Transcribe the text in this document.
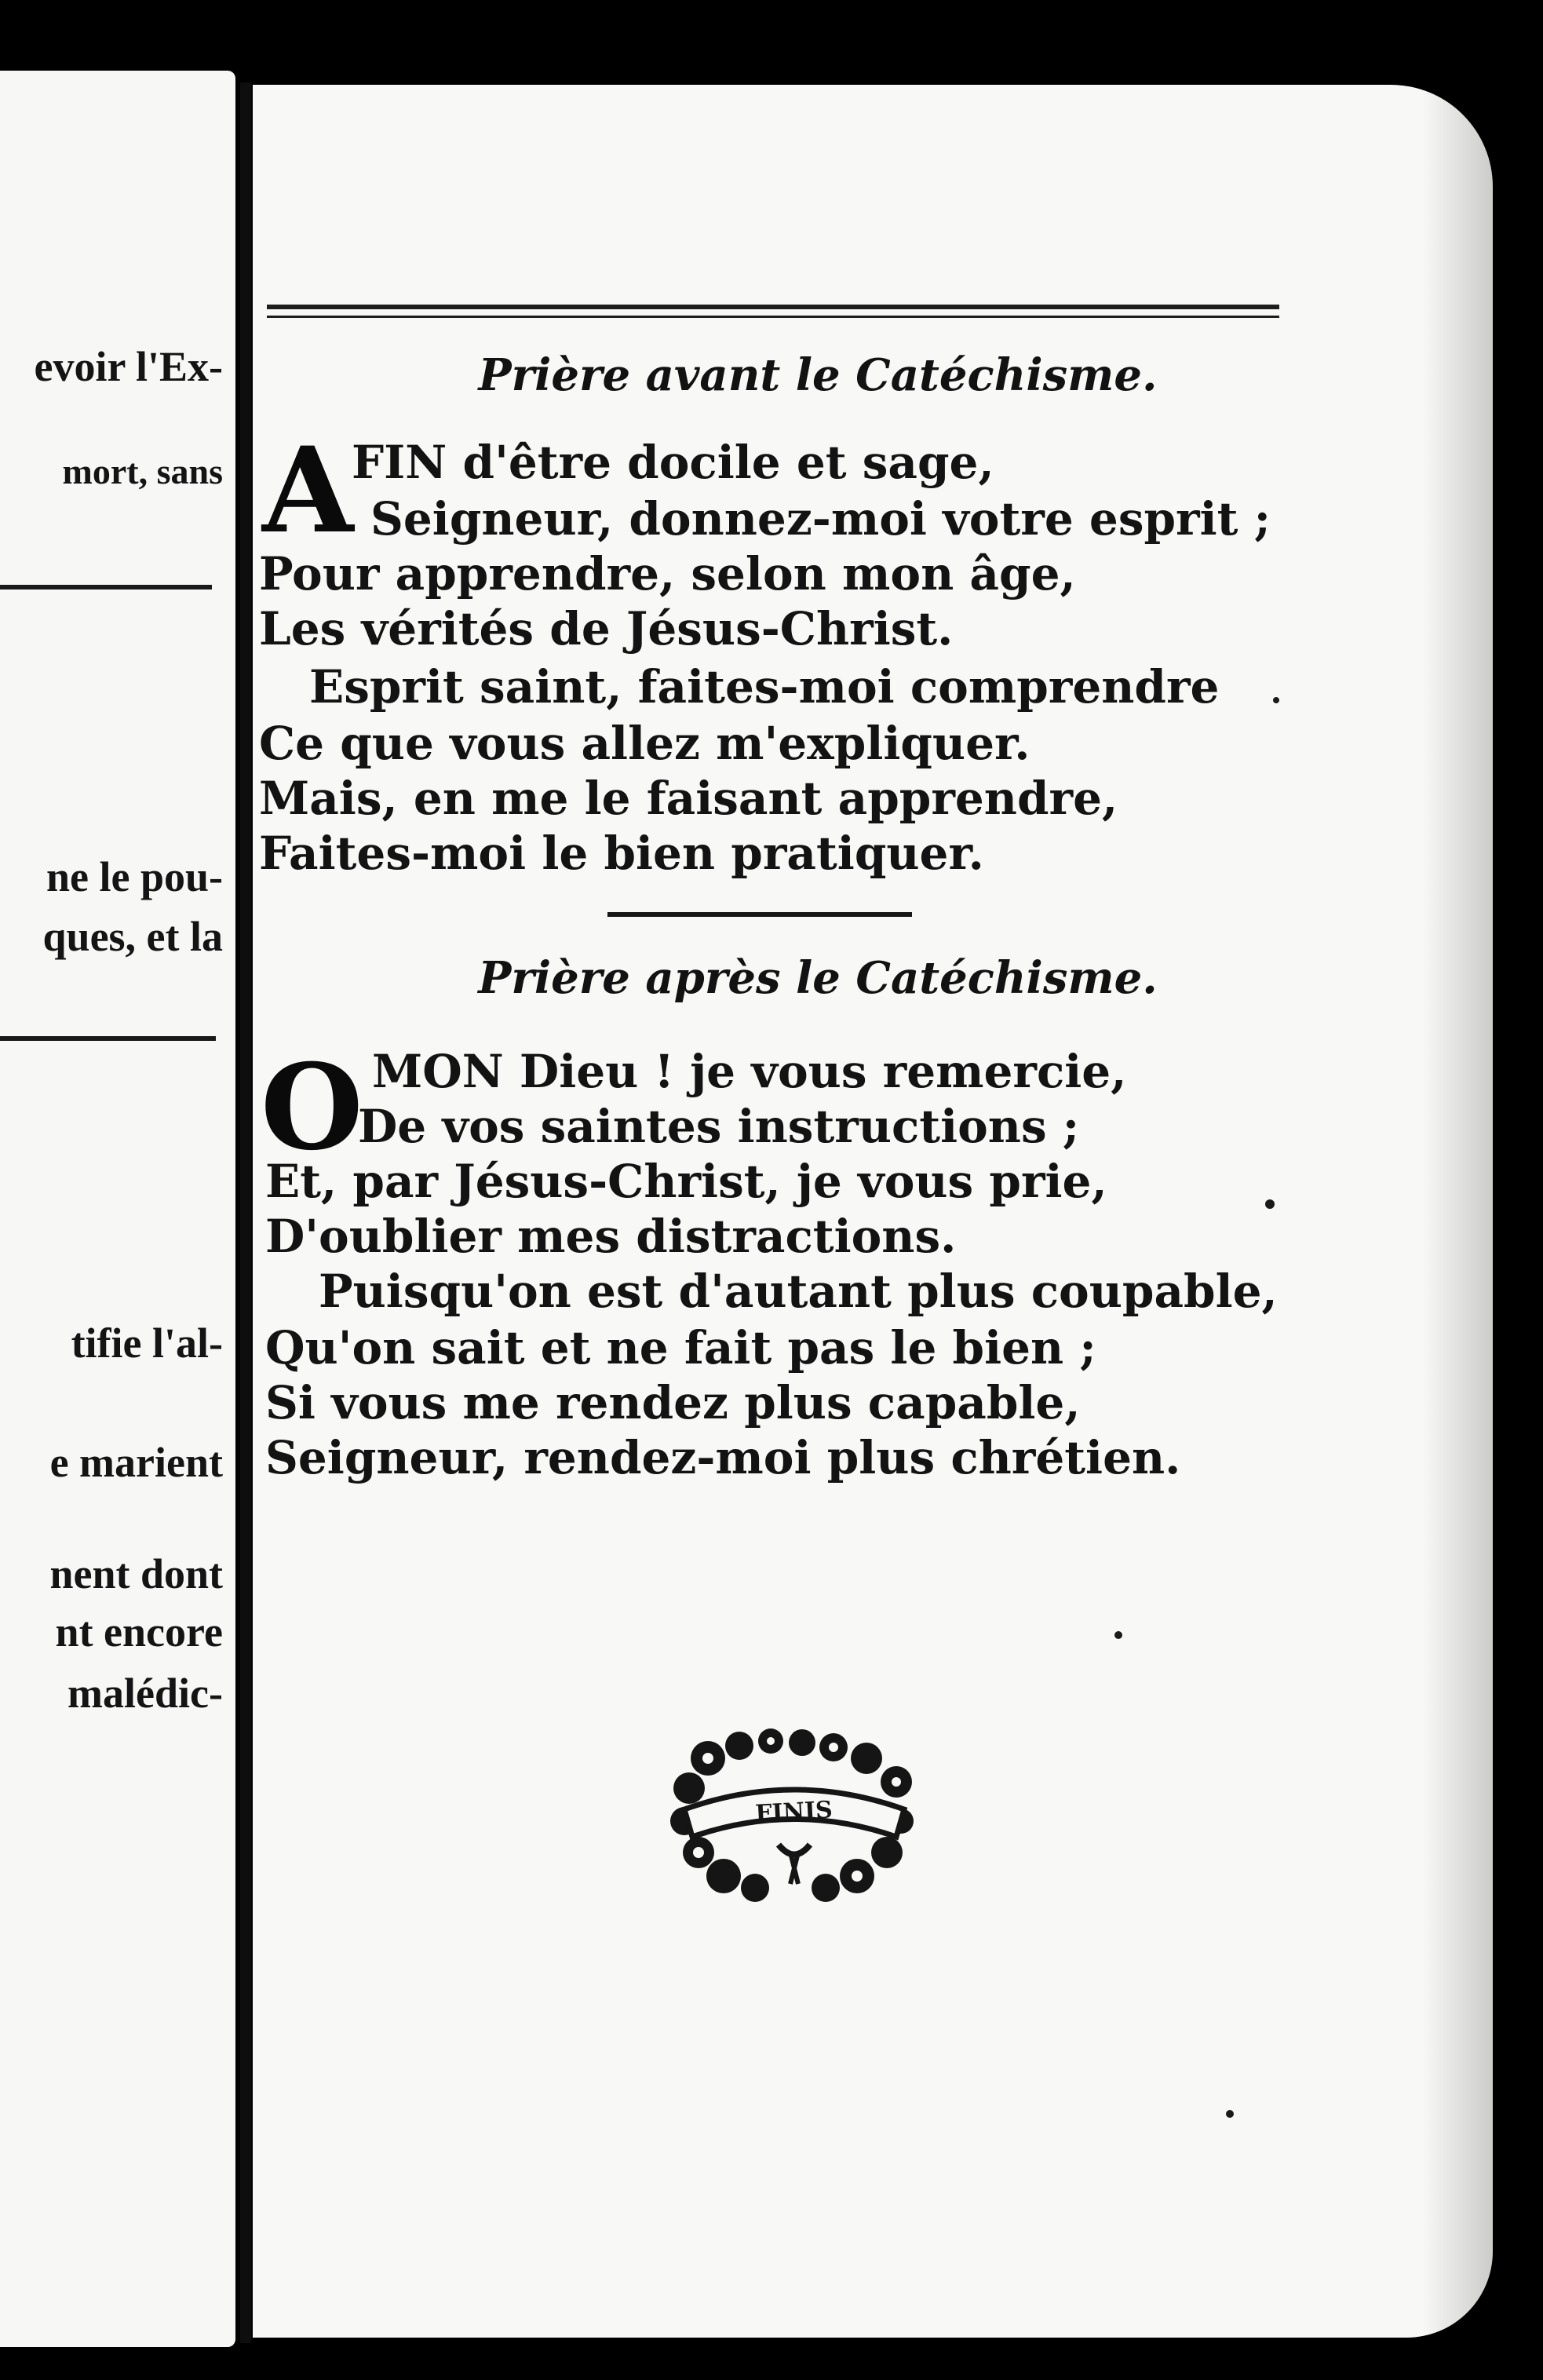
evoir l'Ex-
mort, sans
ne le pou-
ques, et la
tifie l'al-
e marient
nent dont
nt encore
malédic-
Prière avant le Catéchisme.
A
FIN d'être docile et sage,
Seigneur, donnez-moi votre esprit ;
Pour apprendre, selon mon âge,
Les vérités de Jésus-Christ.
Esprit saint, faites-moi comprendre
Ce que vous allez m'expliquer.
Mais, en me le faisant apprendre,
Faites-moi le bien pratiquer.
Prière après le Catéchisme.
O MON Dieu ! je vous remercie,
De vos saintes instructions ;
Et, par Jésus-Christ, je vous prie,
D'oublier mes distractions.
Puisqu'on est d'autant plus coupable,
Qu'on sait et ne fait pas le bien ;
Si vous me rendez plus capable,
Seigneur, rendez-moi plus chrétien.
FINIS
